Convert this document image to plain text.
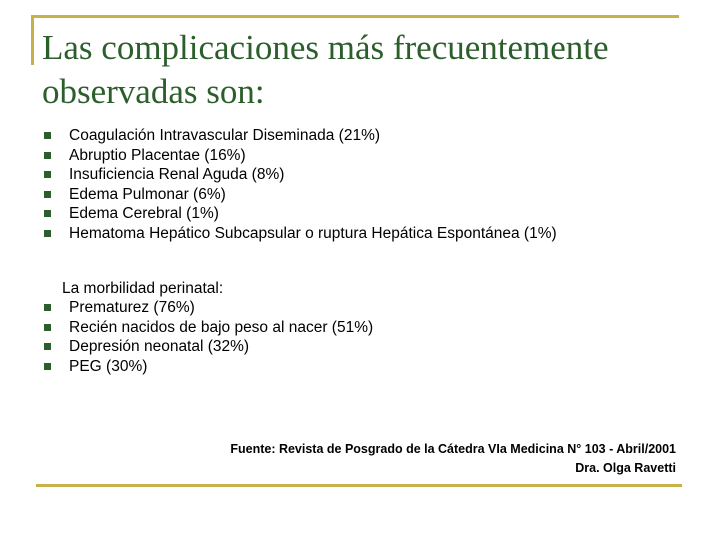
Las complicaciones más frecuentemente
observadas son:
Coagulación Intravascular Diseminada (21%)
Abruptio Placentae (16%)
Insuficiencia Renal Aguda (8%)
Edema Pulmonar (6%)
Edema Cerebral (1%)
Hematoma Hepático Subcapsular o ruptura Hepática Espontánea (1%)
La morbilidad perinatal:
Prematurez (76%)
Recién nacidos de bajo peso al nacer (51%)
Depresión neonatal (32%)
PEG (30%)
Fuente: Revista de Posgrado de la Cátedra VIa Medicina N° 103 - Abril/2001
Dra. Olga Ravetti
